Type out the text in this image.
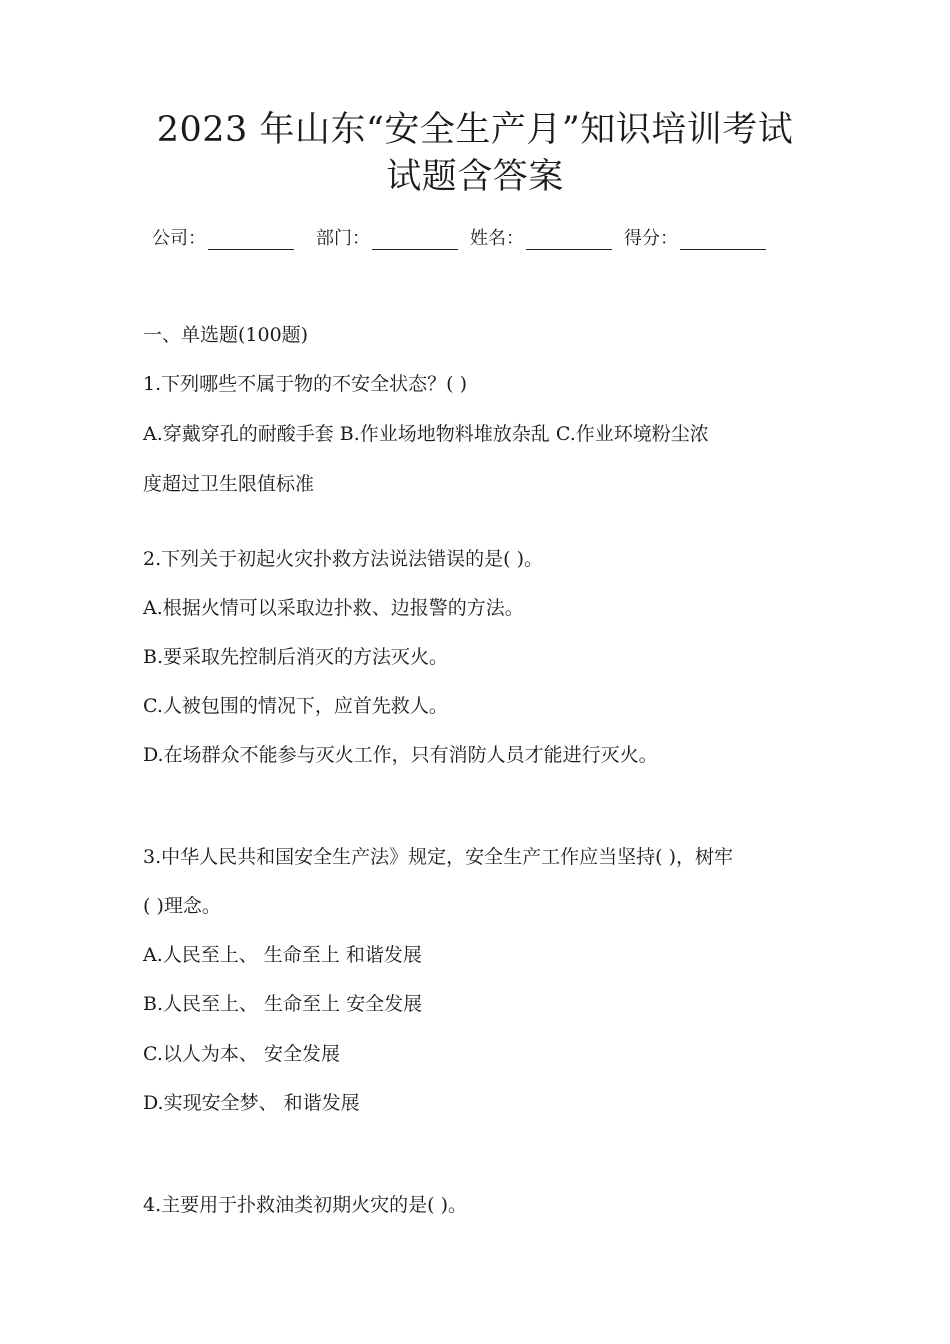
2023 年山东“安全生产月”知识培训考试
试题含答案
公司：	部门：	姓名：	得分：
一、单选题(100题)
1.下列哪些不属于物的不安全状态？( )
A.穿戴穿孔的耐酸手套 B.作业场地物料堆放杂乱 C.作业环境粉尘浓
度超过卫生限值标准
2.下列关于初起火灾扑救方法说法错误的是( )。
A.根据火情可以采取边扑救、边报警的方法。
B.要采取先控制后消灭的方法灭火。
C.人被包围的情况下，应首先救人。
D.在场群众不能参与灭火工作，只有消防人员才能进行灭火。
3.中华人民共和国安全生产法》规定，安全生产工作应当坚持( )，树牢
( )理念。
A.人民至上、 生命至上 和谐发展
B.人民至上、 生命至上 安全发展
C.以人为本、 安全发展
D.实现安全梦、 和谐发展
4.主要用于扑救油类初期火灾的是( )。
